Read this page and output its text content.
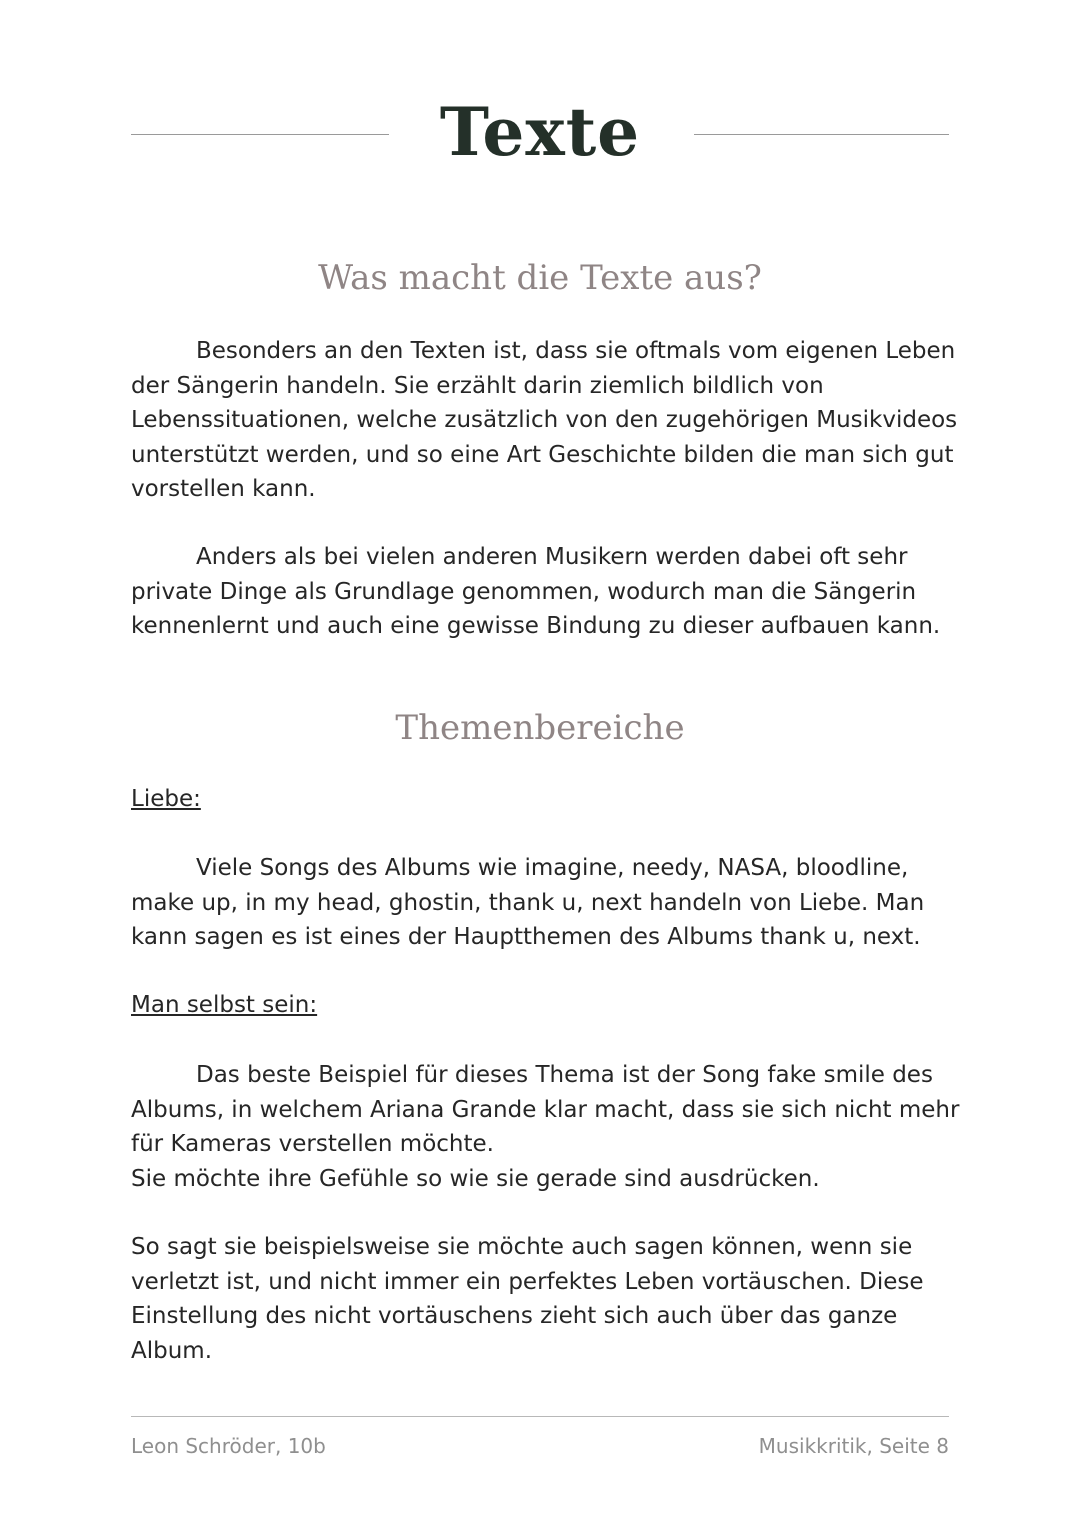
Texte
Was macht die Texte aus?

Besonders an den Texten ist, dass sie oftmals vom eigenen Leben der Sängerin handeln. Sie erzählt darin ziemlich bildlich von Lebenssituationen, welche zusätzlich von den zugehörigen Musikvideos unterstützt werden, und so eine Art Geschichte bilden die man sich gut vorstellen kann.

Anders als bei vielen anderen Musikern werden dabei oft sehr private Dinge als Grundlage genommen, wodurch man die Sängerin kennenlernt und auch eine gewisse Bindung zu dieser aufbauen kann.

Themenbereiche
Liebe:

Viele Songs des Albums wie imagine, needy, NASA, bloodline, make up, in my head, ghostin, thank u, next handeln von Liebe. Man kann sagen es ist eines der Hauptthemen des Albums thank u, next.

Man selbst sein:
Das beste Beispiel für dieses Thema ist der Song fake smile des Albums, in welchem Ariana Grande klar macht, dass sie sich nicht mehr für Kameras verstellen möchte.
Sie möchte ihre Gefühle so wie sie gerade sind ausdrücken.

So sagt sie beispielsweise sie möchte auch sagen können, wenn sie verletzt ist, und nicht immer ein perfektes Leben vortäuschen. Diese Einstellung des nicht vortäuschens zieht sich auch über das ganze Album.

Leon Schröder, 10b	Musikkritik, Seite 8
